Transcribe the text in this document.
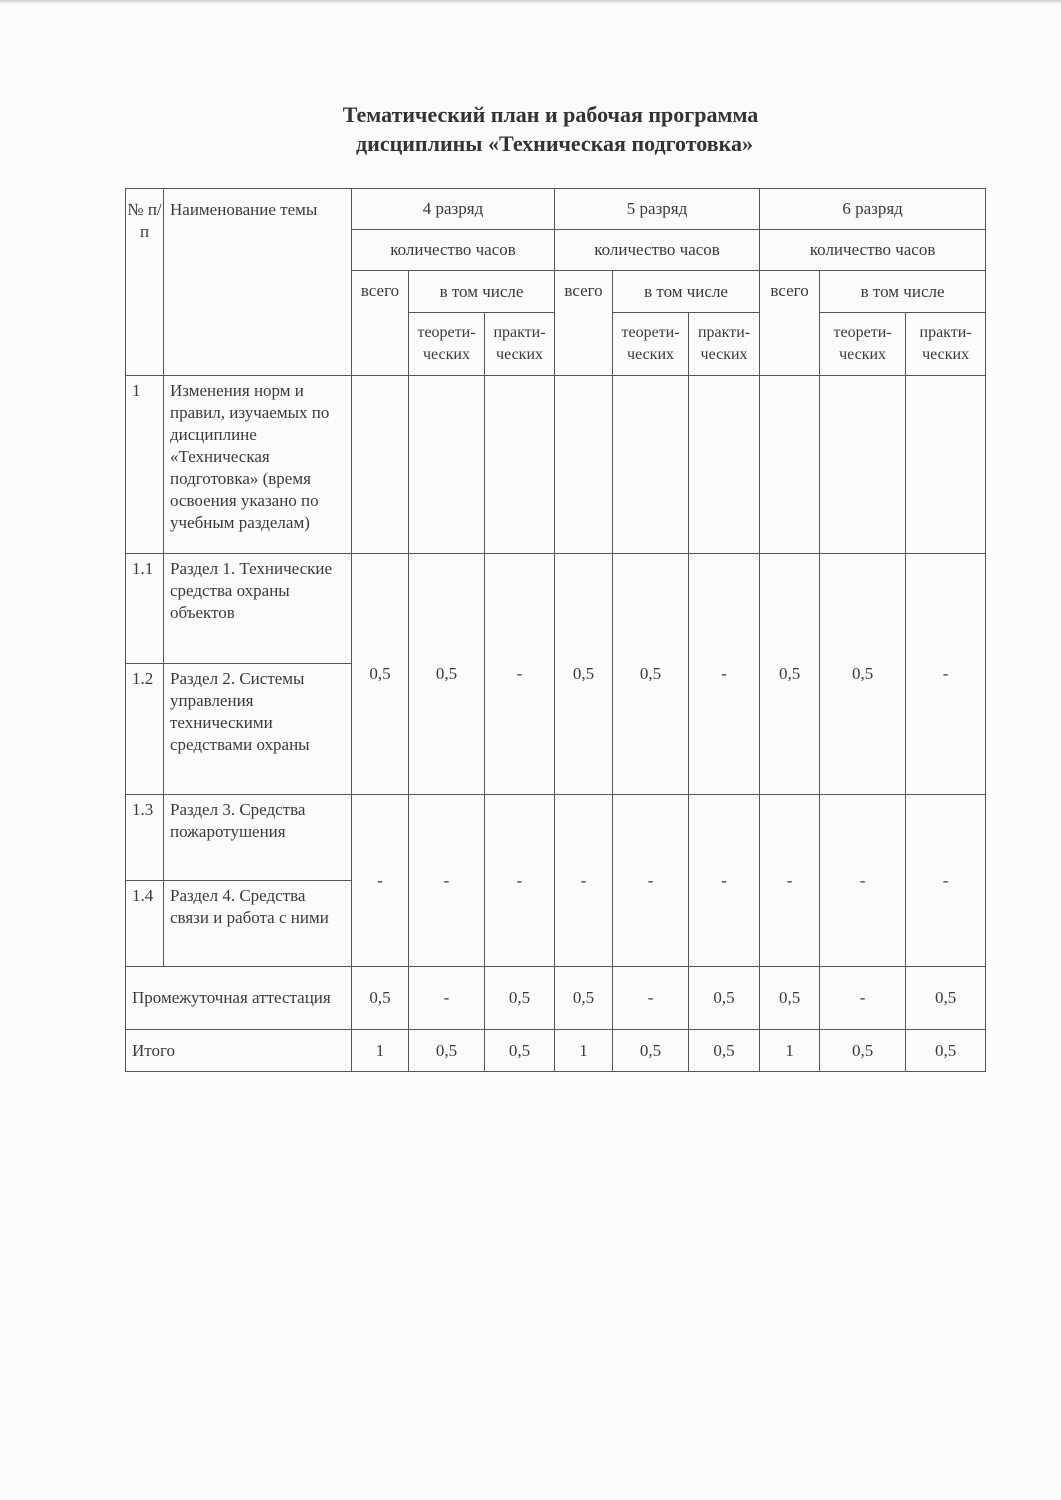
Тематический план и рабочая программа
дисциплины «Техническая подготовка»
№ п/п	Наименование темы	4 разряд			5 разряд			6 разряд		
		количество часов			количество часов			количество часов		
		всего	в том числе		всего	в том числе		всего	в том числе	
			теорети-ческих	практи-ческих		теорети-ческих	практи-ческих		теорети-ческих	практи-ческих
1	Изменения норм и правил, изучаемых по дисциплине «Техническая подготовка» (время освоения указано по учебным разделам)									
1.1	Раздел 1. Технические средства охраны объектов	0,5	0,5	-	0,5	0,5	-	0,5	0,5	-
1.2	Раздел 2. Системы управления техническими средствами охраны									
1.3	Раздел 3. Средства пожаротушения	-	-	-	-	-	-	-	-	-
1.4	Раздел 4. Средства связи и работа с ними									
Промежуточная аттестация		0,5	-	0,5	0,5	-	0,5	0,5	-	0,5
Итого		1	0,5	0,5	1	0,5	0,5	1	0,5	0,5
